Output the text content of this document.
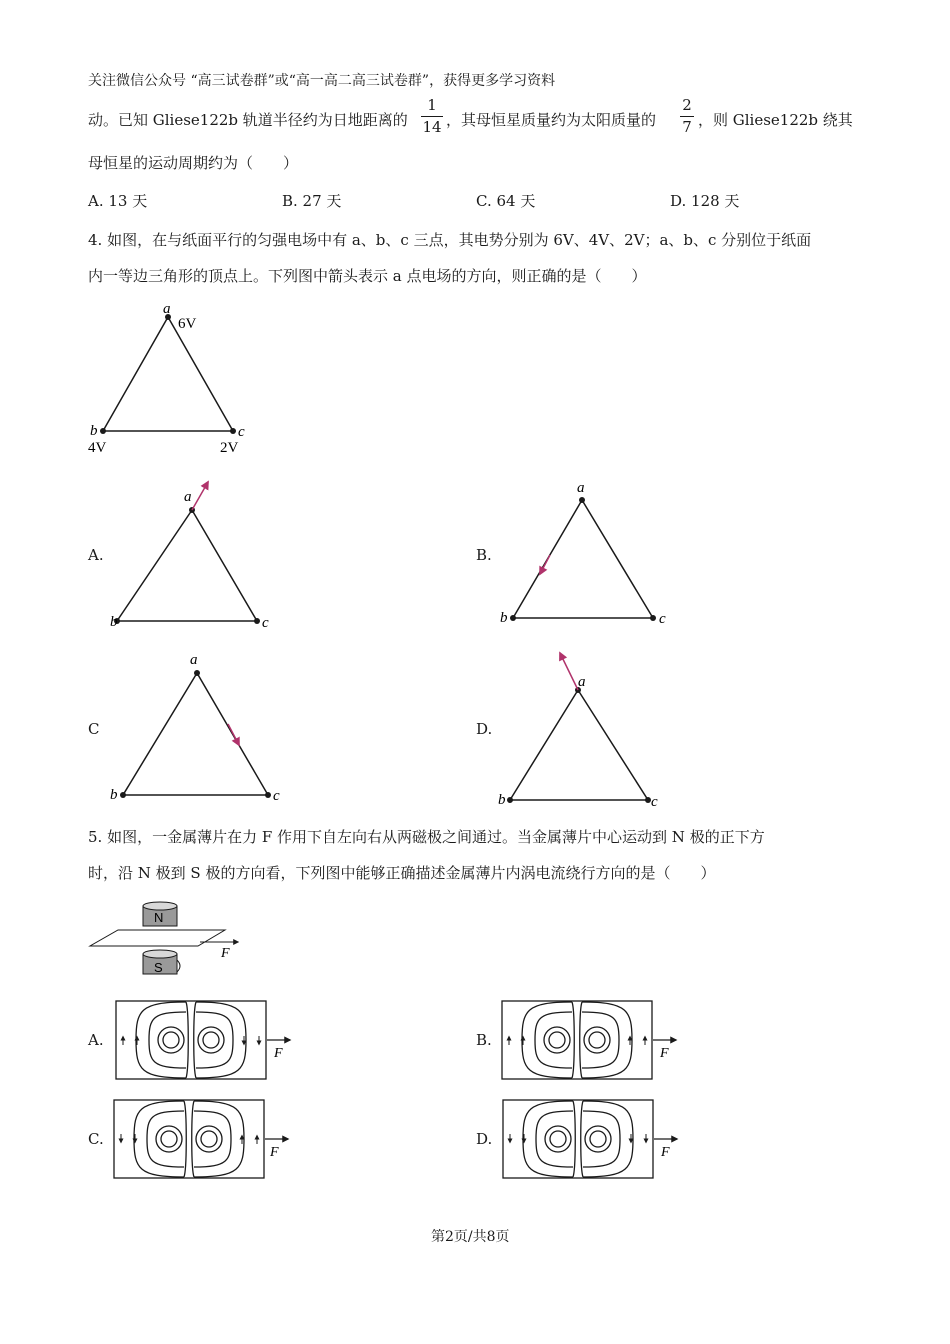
关注微信公众号 “高三试卷群”或“高一高二高三试卷群”，获得更多学习资料
动。已知 Gliese122b 轨道半径约为日地距离的
1
14 ，其母恒星质量约为太阳质量的
2
7 ，则 Gliese122b 绕其
母恒星的运动周期约为（　　）
A. 13 天	B. 27 天	C. 64 天	D. 128 天
4. 如图，在与纸面平行的匀强电场中有 a、b、c 三点，其电势分别为 6V、4V、2V；a、b、c 分别位于纸面
内一等边三角形的顶点上。下列图中箭头表示 a 点电场的方向，则正确的是（　　）
a
6V
b
4V
c
2V
A.	B.
C	D.
a
b	c
a
b	c
a
b	c
a
b	c
5. 如图，一金属薄片在力 F 作用下自左向右从两磁极之间通过。当金属薄片中心运动到 N 极的正下方
时，沿 N 极到 S 极的方向看，下列图中能够正确描述金属薄片内涡电流绕行方向的是（　　）
N
F
S
A.	B.
C.	D.
F	F
F	F
第2页/共8页
